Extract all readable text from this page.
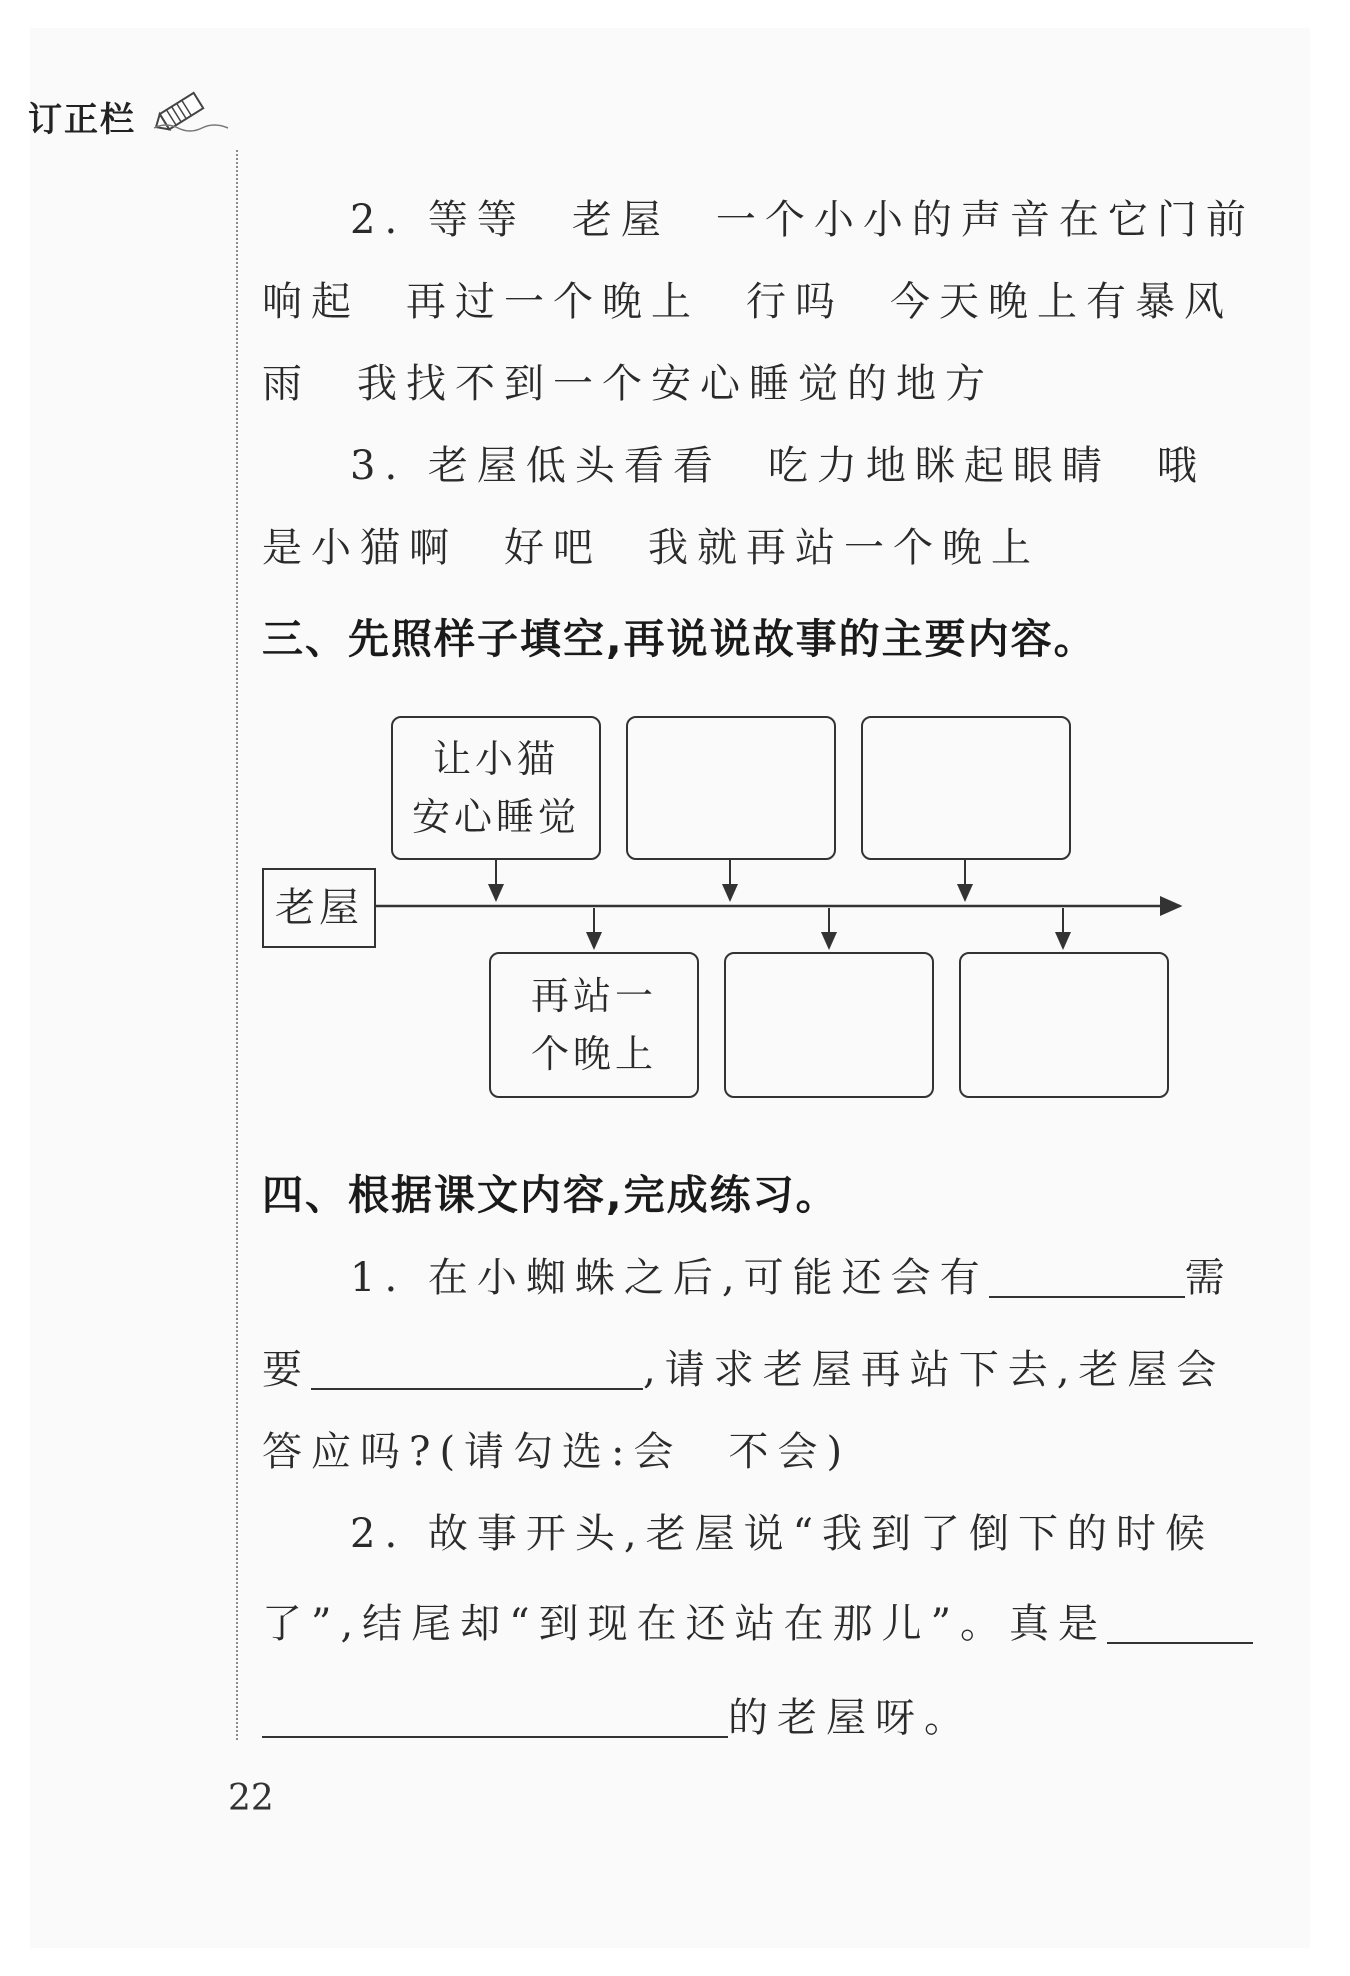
订正栏
2. 等等 老屋 一个小小的声音在它门前
响起 再过一个晚上 行吗 今天晚上有暴风
雨 我找不到一个安心睡觉的地方
3. 老屋低头看看 吃力地眯起眼睛 哦
是小猫啊 好吧 我就再站一个晚上
三、先照样子填空,再说说故事的主要内容。
老屋
让小猫
安心睡觉
再站一
个晚上
四、根据课文内容,完成练习。
1. 在小蜘蛛之后,可能还会有	需
要	,请求老屋再站下去,老屋会
答应吗?(请勾选:会 不会)
2. 故事开头,老屋说“我到了倒下的时候
了”,结尾却“到现在还站在那儿”。真是
的老屋呀。
22
